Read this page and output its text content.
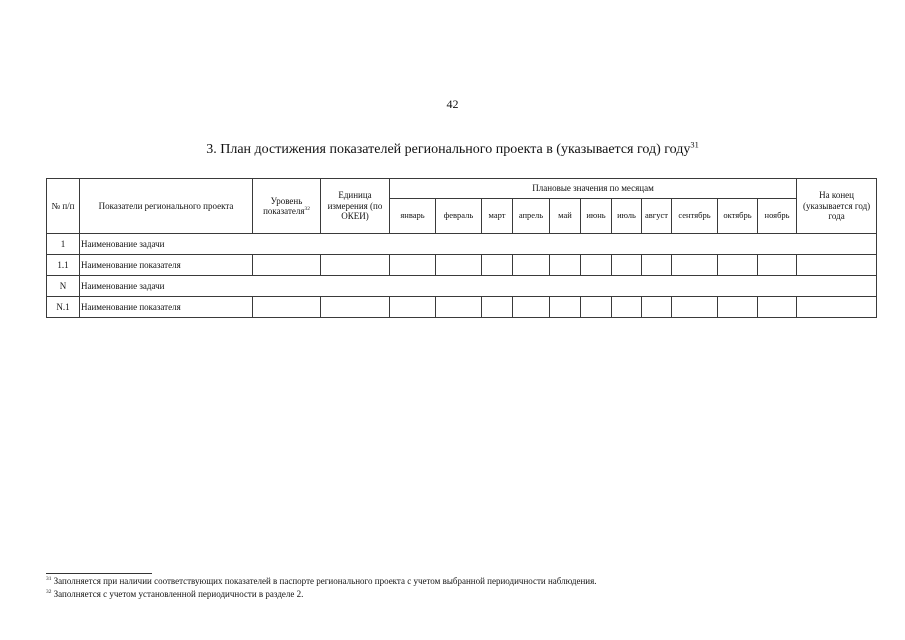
42
3. План достижения показателей регионального проекта в (указывается год) году$^{31}$
№ п/п	Показатели регионального проекта	Уровень показателя$^{32}$	Единица измерения (по ОКЕИ)	Плановые значения по месяцам											На конец (указывается год) года
				январь	февраль	март	апрель	май	июнь	июль	август	сентябрь	октябрь	ноябрь	
1	Наименование задачи														
1.1	Наименование показателя														
N	Наименование задачи														
N.1	Наименование показателя														
$^{31}$ Заполняется при наличии соответствующих показателей в паспорте регионального проекта с учетом выбранной периодичности наблюдения.
$^{32}$ Заполняется с учетом установленной периодичности в разделе 2.
